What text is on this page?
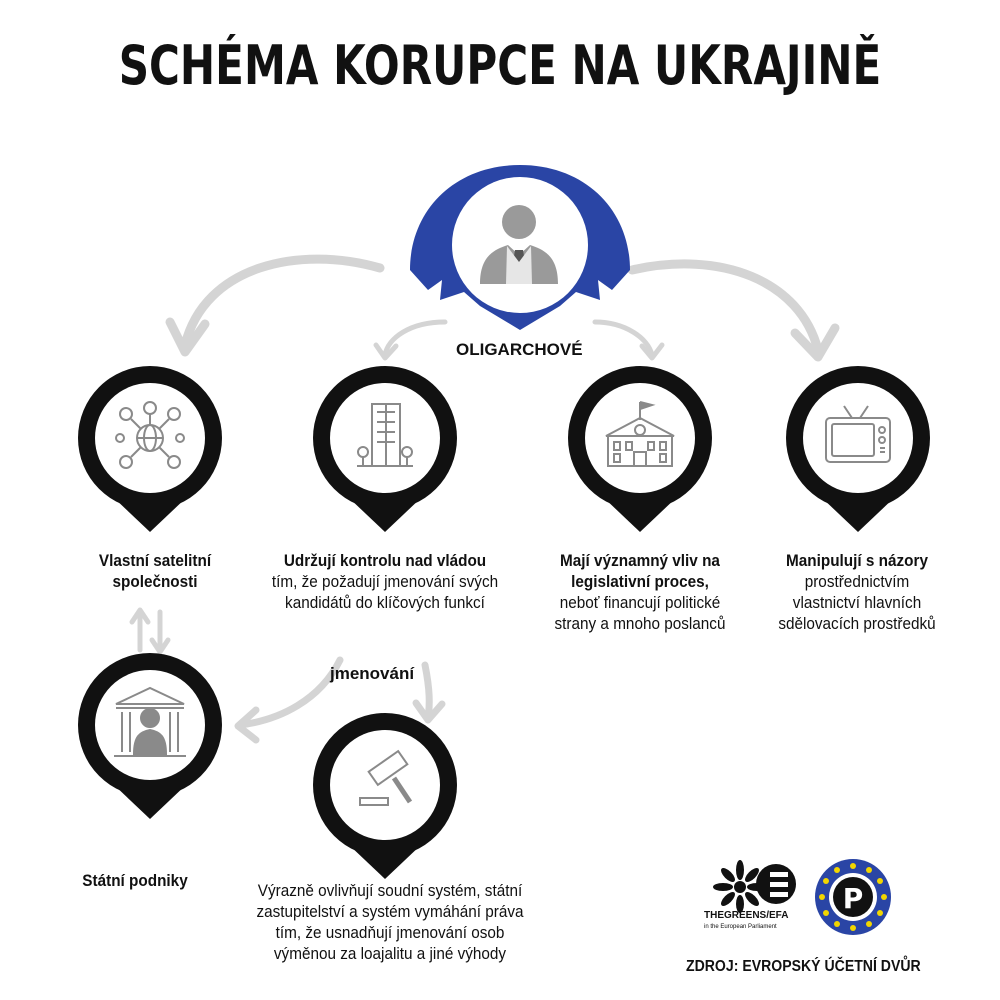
SCHÉMA KORUPCE NA UKRAJINĚ
THEGREENS/EFA
in the European Parliament
P
OLIGARCHOVÉ
Vlastní satelitní společnosti
Udržují kontrolu nad vládou
tím, že požadují jmenování svých kandidátů do klíčových funkcí
Mají významný vliv na legislativní proces,
neboť financují politické strany a mnoho poslanců
Manipulují s názory
prostřednictvím vlastnictví hlavních sdělovacích prostředků
Státní podniky
Výrazně ovlivňují soudní systém, státní zastupitelství a systém vymáhání práva tím, že usnadňují jmenování osob výměnou za loajalitu a jiné výhody
jmenování
ZDROJ: EVROPSKÝ ÚČETNÍ DVŮR
